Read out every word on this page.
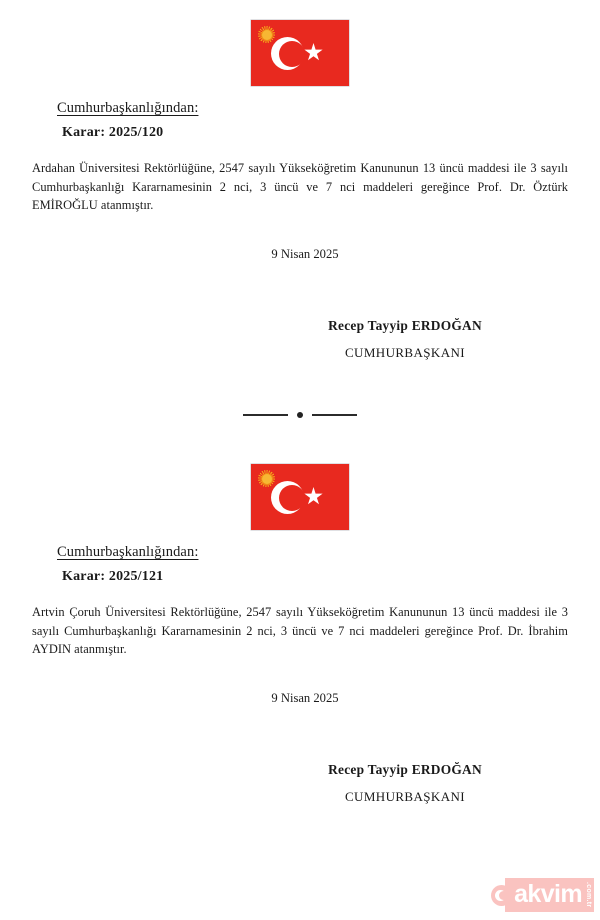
Cumhurbaşkanlığından:
Karar: 2025/120

Ardahan Üniversitesi Rektörlüğüne, 2547 sayılı Yükseköğretim Kanununun 13 üncü maddesi ile 3 sayılı Cumhurbaşkanlığı Kararnamesinin 2 nci, 3 üncü ve 7 nci maddeleri gereğince Prof. Dr. Öztürk EMİROĞLU atanmıştır.

9 Nisan 2025
Recep Tayyip ERDOĞAN
CUMHURBAŞKANI
Cumhurbaşkanlığından:
Karar: 2025/121

Artvin Çoruh Üniversitesi Rektörlüğüne, 2547 sayılı Yükseköğretim Kanununun 13 üncü maddesi ile 3 sayılı Cumhurbaşkanlığı Kararnamesinin 2 nci, 3 üncü ve 7 nci maddeleri gereğince Prof. Dr. İbrahim AYDIN atanmıştır.

9 Nisan 2025
Recep Tayyip ERDOĞAN
CUMHURBAŞKANI
akvim .com.tr
